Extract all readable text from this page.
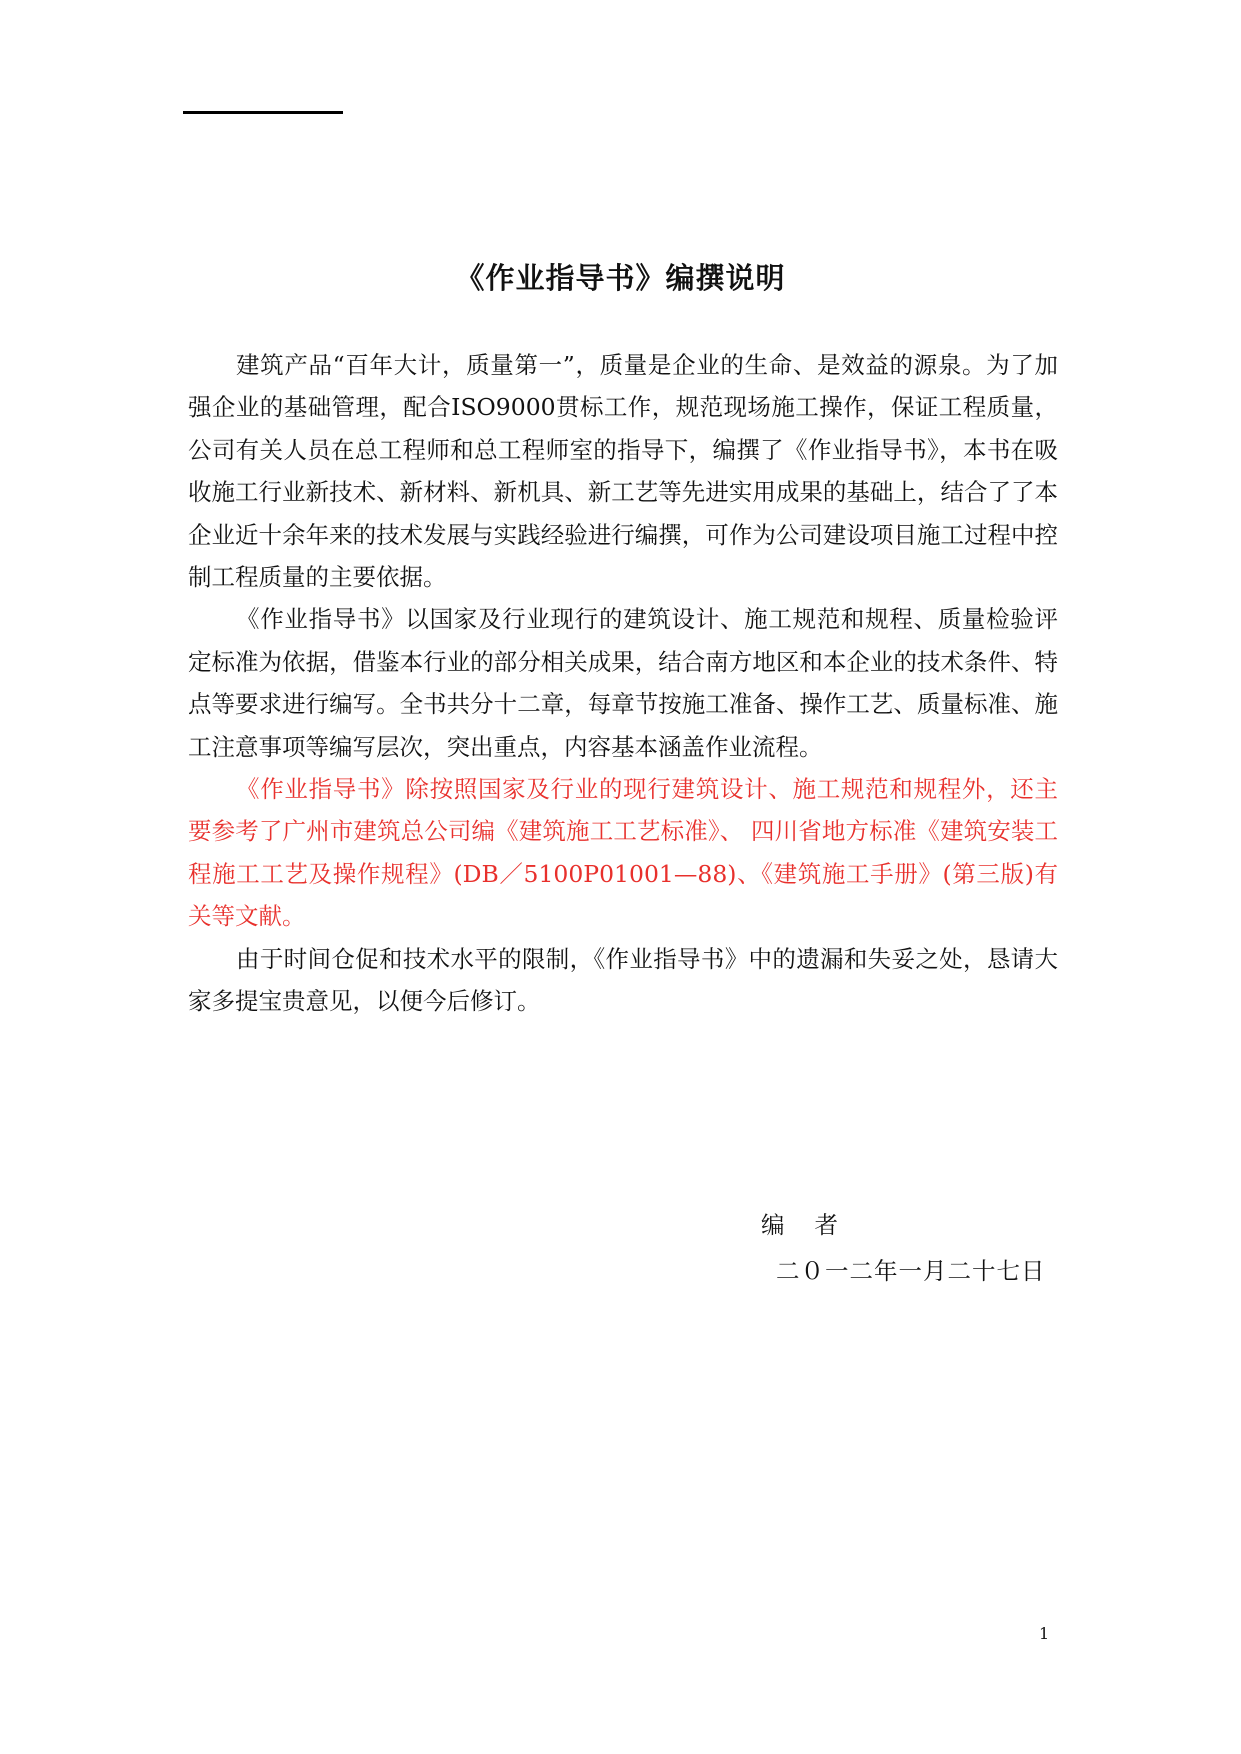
《作业指导书》编撰说明

建筑产品“百年大计，质量第一”，质量是企业的生命、是效益的源泉。为了加强企业的基础管理，配合ISO9000贯标工作，规范现场施工操作，保证工程质量，公司有关人员在总工程师和总工程师室的指导下，编撰了《作业指导书》，本书在吸收施工行业新技术、新材料、新机具、新工艺等先进实用成果的基础上，结合了了本企业近十余年来的技术发展与实践经验进行编撰，可作为公司建设项目施工过程中控制工程质量的主要依据。

《作业指导书》以国家及行业现行的建筑设计、施工规范和规程、质量检验评定标准为依据，借鉴本行业的部分相关成果，结合南方地区和本企业的技术条件、特点等要求进行编写。全书共分十二章，每章节按施工准备、操作工艺、质量标准、施工注意事项等编写层次，突出重点，内容基本涵盖作业流程。

《作业指导书》除按照国家及行业的现行建筑设计、施工规范和规程外，还主要参考了广州市建筑总公司编《建筑施工工艺标准》、 四川省地方标准《建筑安装工程施工工艺及操作规程》(DB／5100P01001—88)、《建筑施工手册》(第三版)有关等文献。

由于时间仓促和技术水平的限制，《作业指导书》中的遗漏和失妥之处，恳请大家多提宝贵意见，以便今后修订。

编 者
二０一二年一月二十七日
1
